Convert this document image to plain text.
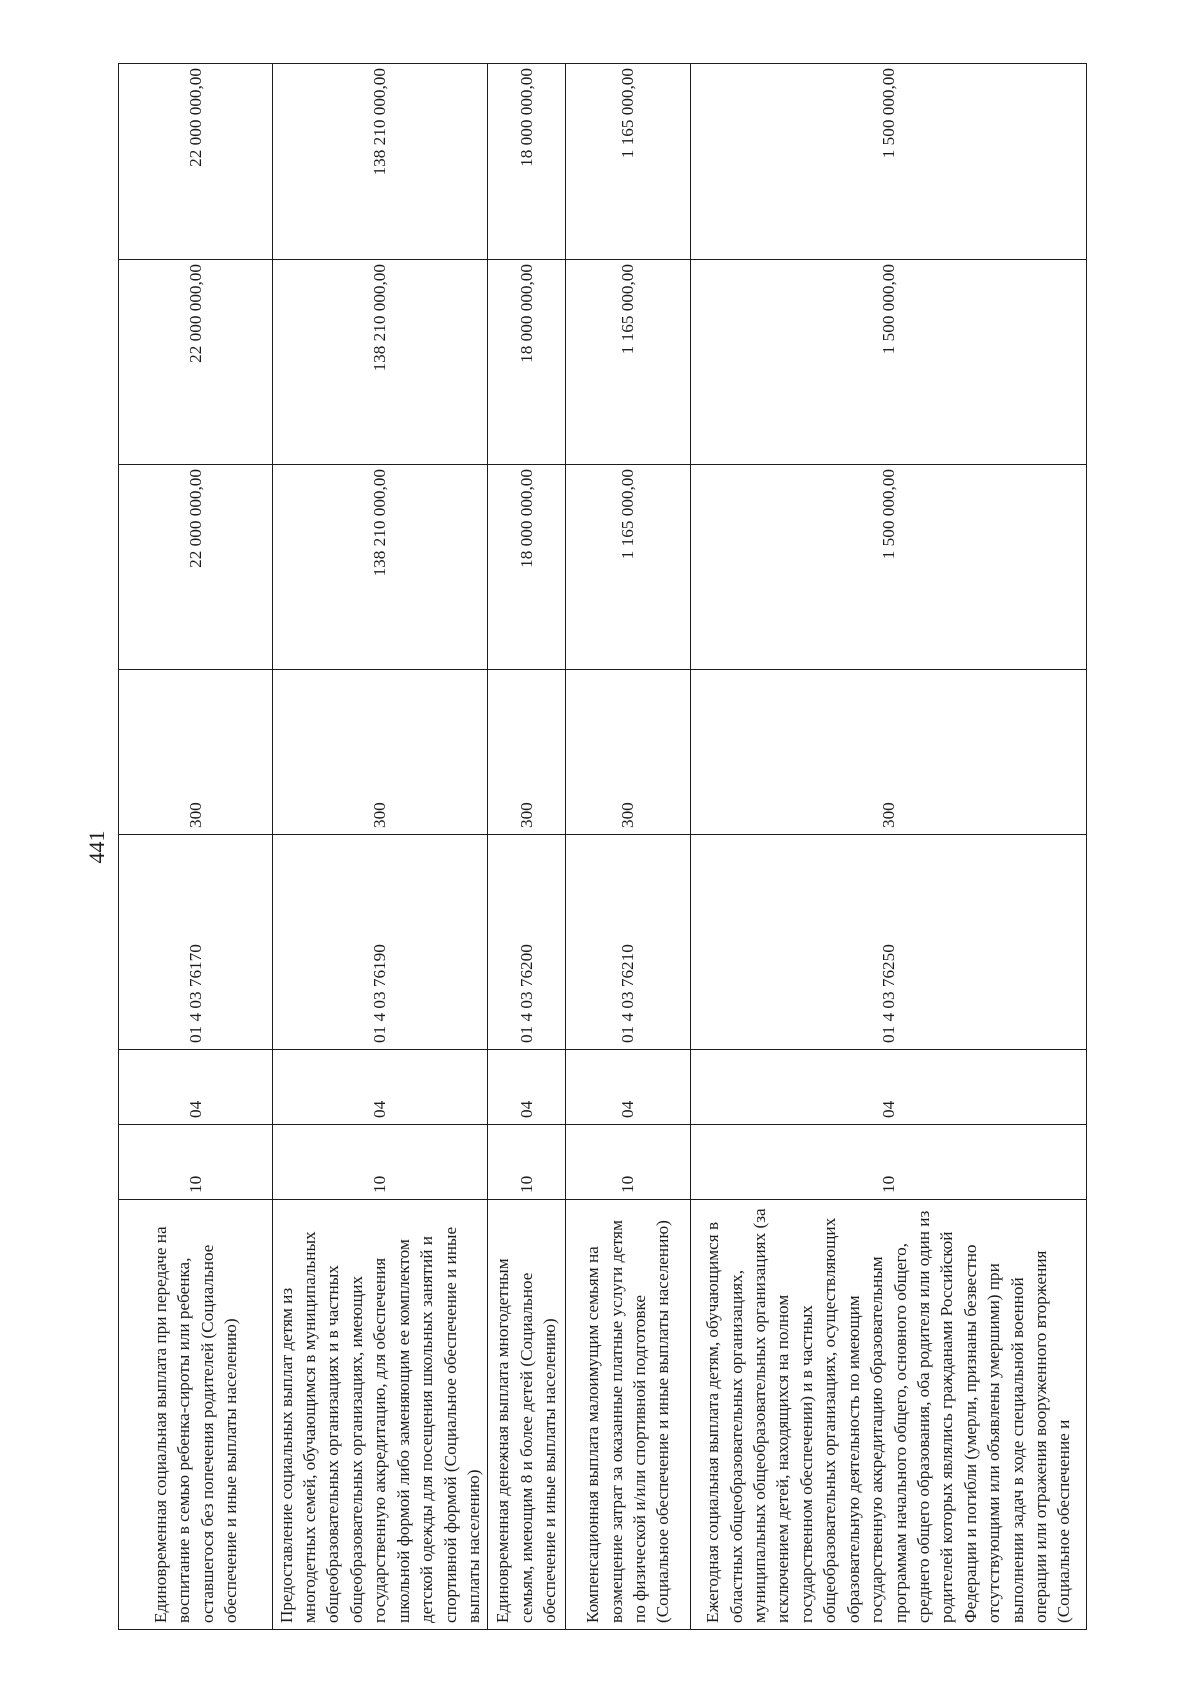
441
Единовременная социальная выплата при передаче на воспитание в семью ребенка-сироты или ребенка, оставшегося без попечения родителей (Социальное обеспечение и иные выплаты населению)	10	04	01 4 03 76170	300	22 000 000,00	22 000 000,00	22 000 000,00
Предоставление социальных выплат детям из многодетных семей, обучающимся в муниципальных общеобразовательных организациях и в частных общеобразовательных организациях, имеющих государственную аккредитацию, для обеспечения школьной формой либо заменяющим ее комплектом детской одежды для посещения школьных занятий и спортивной формой (Социальное обеспечение и иные выплаты населению)	10	04	01 4 03 76190	300	138 210 000,00	138 210 000,00	138 210 000,00
Единовременная денежная выплата многодетным семьям, имеющим 8 и более детей (Социальное обеспечение и иные выплаты населению)	10	04	01 4 03 76200	300	18 000 000,00	18 000 000,00	18 000 000,00
Компенсационная выплата малоимущим семьям на возмещение затрат за оказанные платные услуги детям по физической и/или спортивной подготовке (Социальное обеспечение и иные выплаты населению)	10	04	01 4 03 76210	300	1 165 000,00	1 165 000,00	1 165 000,00
Ежегодная социальная выплата детям, обучающимся в областных общеобразовательных организациях, муниципальных общеобразовательных организациях (за исключением детей, находящихся на полном государственном обеспечении) и в частных общеобразовательных организациях, осуществляющих образовательную деятельность по имеющим государственную аккредитацию образовательным программам начального общего, основного общего, среднего общего образования, оба родителя или один из родителей которых являлись гражданами Российской Федерации и погибли (умерли, признаны безвестно отсутствующими или объявлены умершими) при выполнении задач в ходе специальной военной операции или отражения вооруженного вторжения (Социальное обеспечение и	10	04	01 4 03 76250	300	1 500 000,00	1 500 000,00	1 500 000,00
